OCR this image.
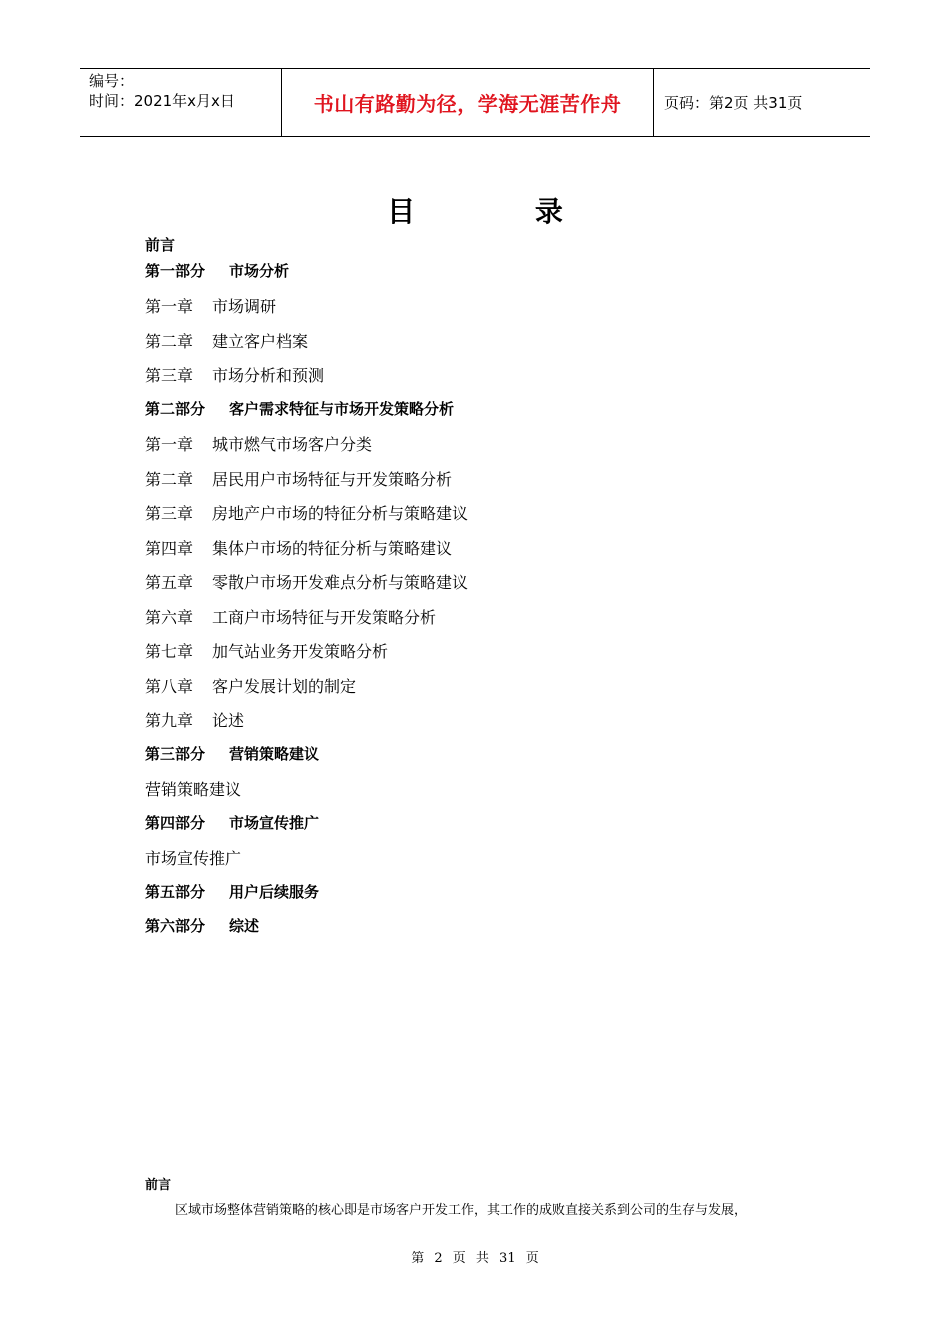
编号：
时间：2021年x月x日	书山有路勤为径，学海无涯苦作舟	页码：第2页 共31页
目 录
前言
第一部分 市场分析
第一章 市场调研
第二章 建立客户档案
第三章 市场分析和预测
第二部分 客户需求特征与市场开发策略分析
第一章 城市燃气市场客户分类
第二章 居民用户市场特征与开发策略分析
第三章 房地产户市场的特征分析与策略建议
第四章 集体户市场的特征分析与策略建议
第五章 零散户市场开发难点分析与策略建议
第六章 工商户市场特征与开发策略分析
第七章 加气站业务开发策略分析
第八章 客户发展计划的制定
第九章 论述
第三部分 营销策略建议
营销策略建议
第四部分 市场宣传推广
市场宣传推广
第五部分 用户后续服务
第六部分 综述
前言
区域市场整体营销策略的核心即是市场客户开发工作，其工作的成败直接关系到公司的生存与发展，
第 2 页 共 31 页
